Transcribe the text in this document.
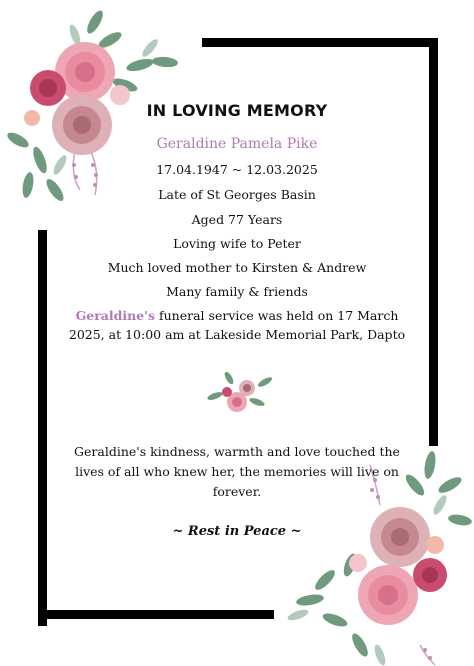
IN LOVING MEMORY
Geraldine Pamela Pike
17.04.1947 ~ 12.03.2025
Late of St Georges Basin
Aged 77 Years
Loving wife to Peter
Much loved mother to Kirsten & Andrew
Many family & friends
Geraldine's funeral service was held on 17 March
2025, at 10:00 am at Lakeside Memorial Park, Dapto
Geraldine's kindness, warmth and love touched the
lives of all who knew her, the memories will live on
forever.
~ Rest in Peace ~
